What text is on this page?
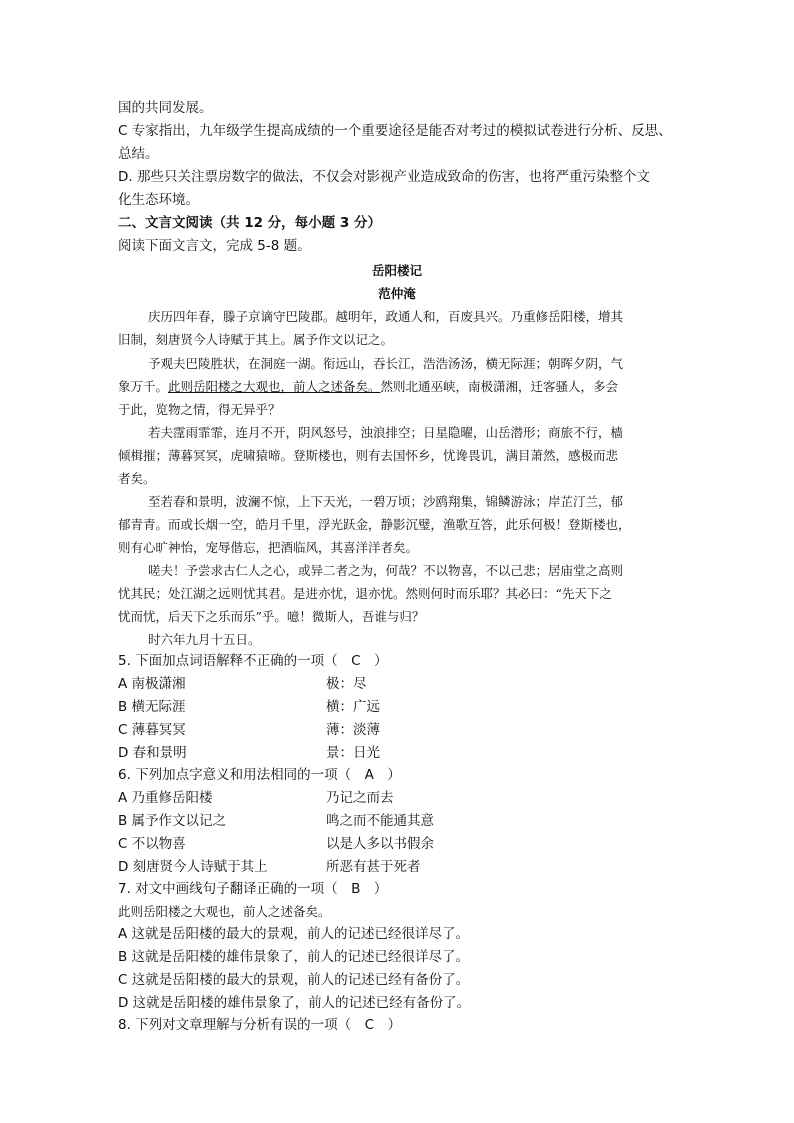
国的共同发展。
C 专家指出，九年级学生提高成绩的一个重要途径是能否对考过的模拟试卷进行分析、反思、
总结。
D. 那些只关注票房数字的做法，不仅会对影视产业造成致命的伤害，也将严重污染整个文
化生态环境。
二、文言文阅读（共 12 分，每小题 3 分）
阅读下面文言文，完成 5-8 题。
岳阳楼记
范仲淹
庆历四年春，滕子京谪守巴陵郡。越明年，政通人和，百废具兴。乃重修岳阳楼，增其
旧制，刻唐贤今人诗赋于其上。属予作文以记之。
予观夫巴陵胜状，在洞庭一湖。衔远山，吞长江，浩浩汤汤，横无际涯；朝晖夕阴，气
象万千。此则岳阳楼之大观也，前人之述备矣。然则北通巫峡，南极潇湘，迁客骚人，多会
于此，览物之情，得无异乎？
若夫霪雨霏霏，连月不开，阴风怒号，浊浪排空；日星隐曜，山岳潜形；商旅不行，樯
倾楫摧；薄暮冥冥，虎啸猿啼。登斯楼也，则有去国怀乡，忧谗畏讥，满目萧然，感极而悲
者矣。
至若春和景明，波澜不惊，上下天光，一碧万顷；沙鸥翔集，锦鳞游泳；岸芷汀兰，郁
郁青青。而或长烟一空，皓月千里，浮光跃金，静影沉璧，渔歌互答，此乐何极！登斯楼也，
则有心旷神怡，宠辱偕忘，把酒临风，其喜洋洋者矣。
嗟夫！予尝求古仁人之心，或异二者之为，何哉？不以物喜，不以己悲；居庙堂之高则
忧其民；处江湖之远则忧其君。是进亦忧，退亦忧。然则何时而乐耶？其必曰：“先天下之
忧而忧，后天下之乐而乐”乎。噫！微斯人，吾谁与归？
时六年九月十五日。
5. 下面加点词语解释不正确的一项（　C　）
A 南极潇湘	极：尽
B 横无际涯	横：广远
C 薄暮冥冥	薄：淡薄
D 春和景明	景：日光
6. 下列加点字意义和用法相同的一项（　A　）
A 乃重修岳阳楼	乃记之而去
B 属予作文以记之	鸣之而不能通其意
C 不以物喜	以是人多以书假余
D 刻唐贤今人诗赋于其上	所恶有甚于死者
7. 对文中画线句子翻译正确的一项（　B　）
此则岳阳楼之大观也，前人之述备矣。
A 这就是岳阳楼的最大的景观，前人的记述已经很详尽了。
B 这就是岳阳楼的雄伟景象了，前人的记述已经很详尽了。
C 这就是岳阳楼的最大的景观，前人的记述已经有备份了。
D 这就是岳阳楼的雄伟景象了，前人的记述已经有备份了。
8. 下列对文章理解与分析有误的一项（　C　）
